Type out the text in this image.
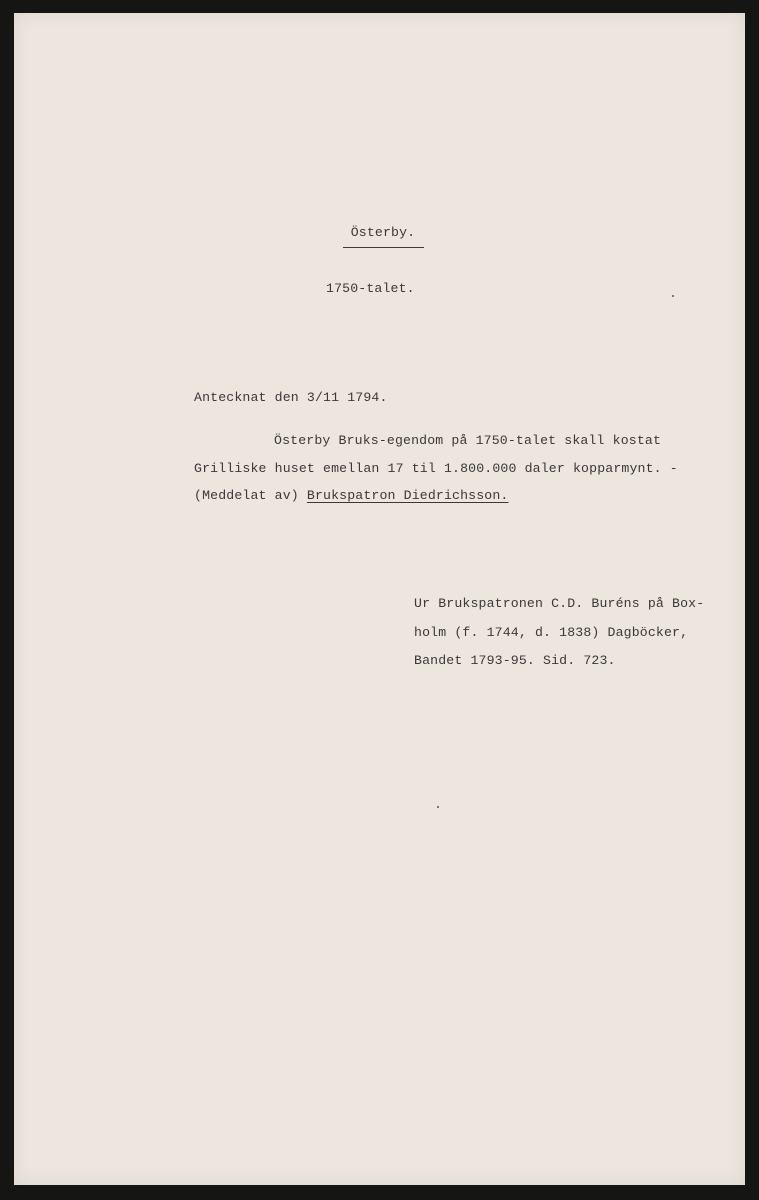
Österby.
1750-talet.
Antecknat den 3/11 1794.
Österby Bruks-egendom på 1750-talet skall kostat
Grilliske huset emellan 17 til 1.800.000 daler kopparmynt. -
(Meddelat av) Brukspatron Diedrichsson.
Ur Brukspatronen C.D. Buréns på Box-
holm (f. 1744, d. 1838) Dagböcker,
Bandet 1793-95. Sid. 723.
